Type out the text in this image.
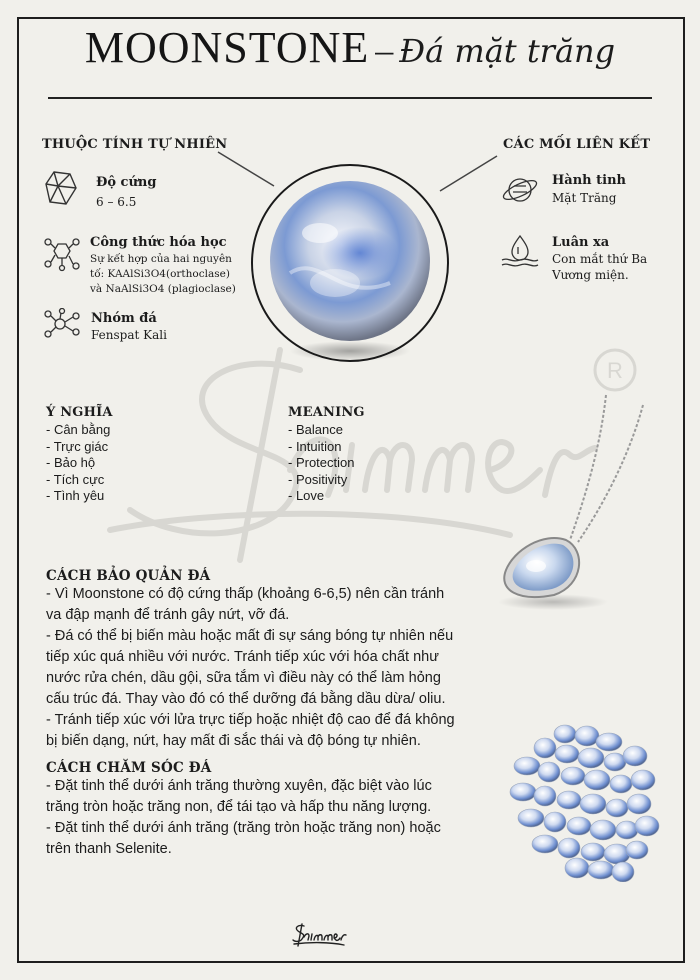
R
MOONSTONE – Đá mặt trăng
THUỘC TÍNH TỰ NHIÊN	CÁC MỐI LIÊN KẾT
Độ cứng
6 – 6.5
Công thức hóa học
Sự kết hợp của hai nguyên
tố: KAAlSi3O4(orthoclase)
và NaAlSi3O4 (plagioclase)
Nhóm đá
Fenspat Kali
Hành tinh
Mặt Trăng
Luân xa
Con mắt thứ Ba
Vương miện.
Ý NGHĨA
- Cân bằng
- Trực giác
- Bảo hộ
- Tích cực
- Tình yêu
MEANING
- Balance
- Intuition
- Protection
- Positivity
- Love
CÁCH BẢO QUẢN ĐÁ
- Vì Moonstone có độ cứng thấp (khoảng 6-6,5) nên cần tránh
va đập mạnh để tránh gây nứt, vỡ đá.
- Đá có thể bị biến màu hoặc mất đi sự sáng bóng tự nhiên nếu
tiếp xúc quá nhiều với nước. Tránh tiếp xúc với hóa chất như
nước rửa chén, dầu gội, sữa tắm vì điều này có thể làm hỏng
cấu trúc đá. Thay vào đó có thể dưỡng đá bằng dầu dừa/ oliu.
- Tránh tiếp xúc với lửa trực tiếp hoặc nhiệt độ cao để đá không
bị biến dạng, nứt, hay mất đi sắc thái và độ bóng tự nhiên.
CÁCH CHĂM SÓC ĐÁ
- Đặt tinh thể dưới ánh trăng thường xuyên, đặc biệt vào lúc
trăng tròn hoặc trăng non, để tái tạo và hấp thu năng lượng.
- Đặt tinh thể dưới ánh trăng (trăng tròn hoặc trăng non) hoặc
trên thanh Selenite.
